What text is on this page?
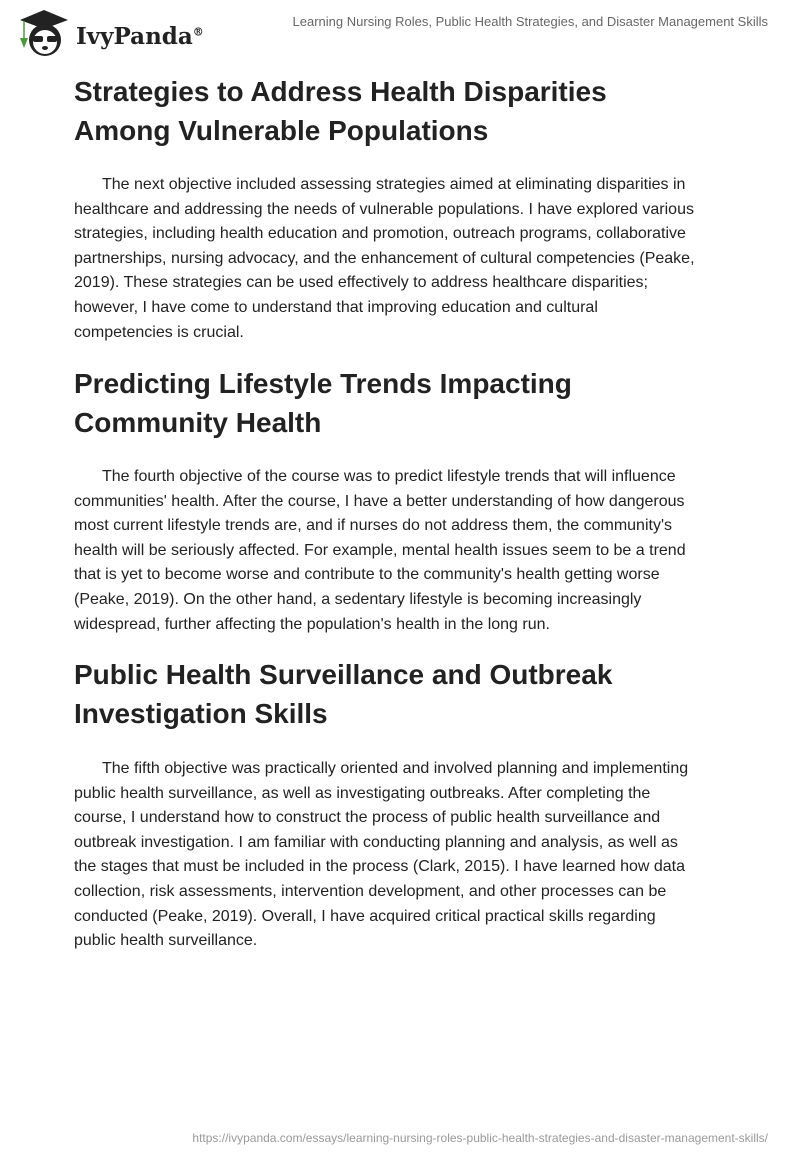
IvyPanda®
Learning Nursing Roles, Public Health Strategies, and Disaster Management Skills
Strategies to Address Health Disparities
Among Vulnerable Populations
The next objective included assessing strategies aimed at eliminating disparities in
healthcare and addressing the needs of vulnerable populations. I have explored various
strategies, including health education and promotion, outreach programs, collaborative
partnerships, nursing advocacy, and the enhancement of cultural competencies (Peake,
2019). These strategies can be used effectively to address healthcare disparities;
however, I have come to understand that improving education and cultural
competencies is crucial.
Predicting Lifestyle Trends Impacting
Community Health
The fourth objective of the course was to predict lifestyle trends that will influence
communities' health. After the course, I have a better understanding of how dangerous
most current lifestyle trends are, and if nurses do not address them, the community's
health will be seriously affected. For example, mental health issues seem to be a trend
that is yet to become worse and contribute to the community's health getting worse
(Peake, 2019). On the other hand, a sedentary lifestyle is becoming increasingly
widespread, further affecting the population's health in the long run.
Public Health Surveillance and Outbreak
Investigation Skills
The fifth objective was practically oriented and involved planning and implementing
public health surveillance, as well as investigating outbreaks. After completing the
course, I understand how to construct the process of public health surveillance and
outbreak investigation. I am familiar with conducting planning and analysis, as well as
the stages that must be included in the process (Clark, 2015). I have learned how data
collection, risk assessments, intervention development, and other processes can be
conducted (Peake, 2019). Overall, I have acquired critical practical skills regarding
public health surveillance.
https://ivypanda.com/essays/learning-nursing-roles-public-health-strategies-and-disaster-management-skills/
